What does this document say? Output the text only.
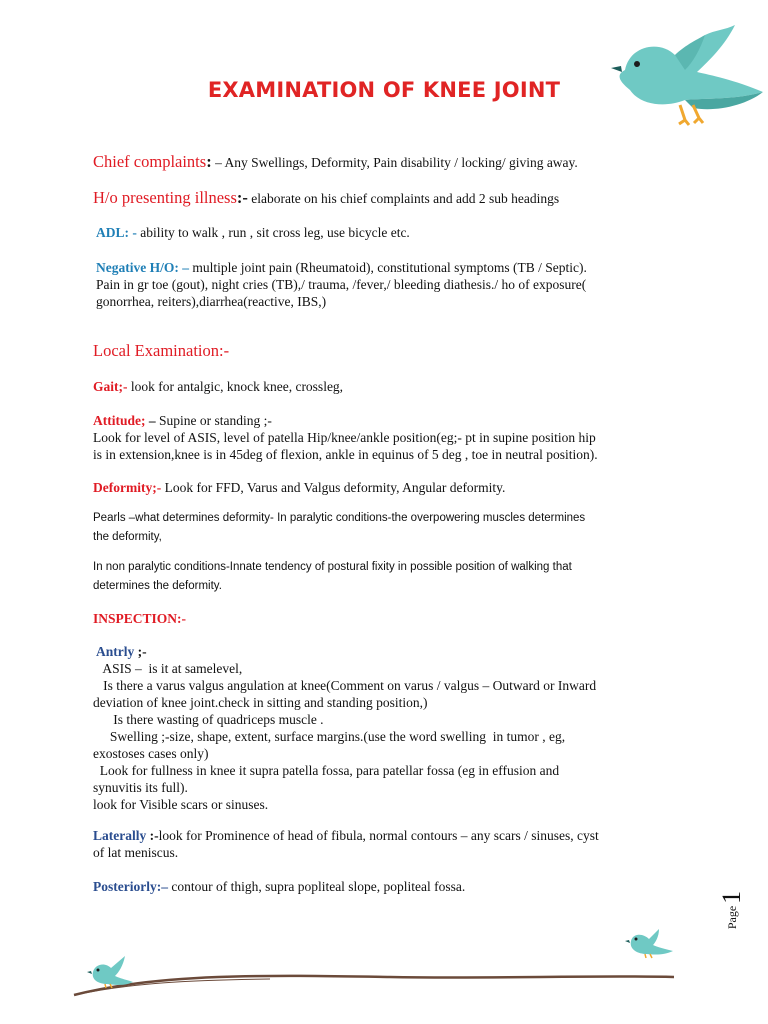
EXAMINATION OF KNEE JOINT
Chief complaints: – Any Swellings, Deformity, Pain disability / locking/ giving away.
H/o presenting illness:- elaborate on his chief complaints and add 2 sub headings
ADL: - ability to walk , run , sit cross leg, use bicycle etc.
Negative H/O: – multiple joint pain (Rheumatoid), constitutional symptoms (TB / Septic).
Pain in gr toe (gout), night cries (TB),/ trauma, /fever,/ bleeding diathesis./ ho of exposure(
gonorrhea, reiters),diarrhea(reactive, IBS,)
Local Examination:-
Gait;- look for antalgic, knock knee, crossleg,
Attitude; – Supine or standing ;-
Look for level of ASIS, level of patella Hip/knee/ankle position(eg;- pt in supine position hip
is in extension,knee is in 45deg of flexion, ankle in equinus of 5 deg , toe in neutral position).
Deformity;- Look for FFD, Varus and Valgus deformity, Angular deformity.
Pearls –what determines deformity- In paralytic conditions-the overpowering muscles determines
the deformity,
In non paralytic conditions-Innate tendency of postural fixity in possible position of walking that
determines the deformity.
INSPECTION:-
Antrly ;-
ASIS –  is it at samelevel,
Is there a varus valgus angulation at knee(Comment on varus / valgus – Outward or Inward
deviation of knee joint.check in sitting and standing position,)
Is there wasting of quadriceps muscle .
Swelling ;-size, shape, extent, surface margins.(use the word swelling  in tumor , eg,
exostoses cases only)
Look for fullness in knee it supra patella fossa, para patellar fossa (eg in effusion and
synuvitis its full).
look for Visible scars or sinuses.
Laterally :-look for Prominence of head of fibula, normal contours – any scars / sinuses, cyst
of lat meniscus.
Posteriorly:– contour of thigh, supra popliteal slope, popliteal fossa.
Page
1
